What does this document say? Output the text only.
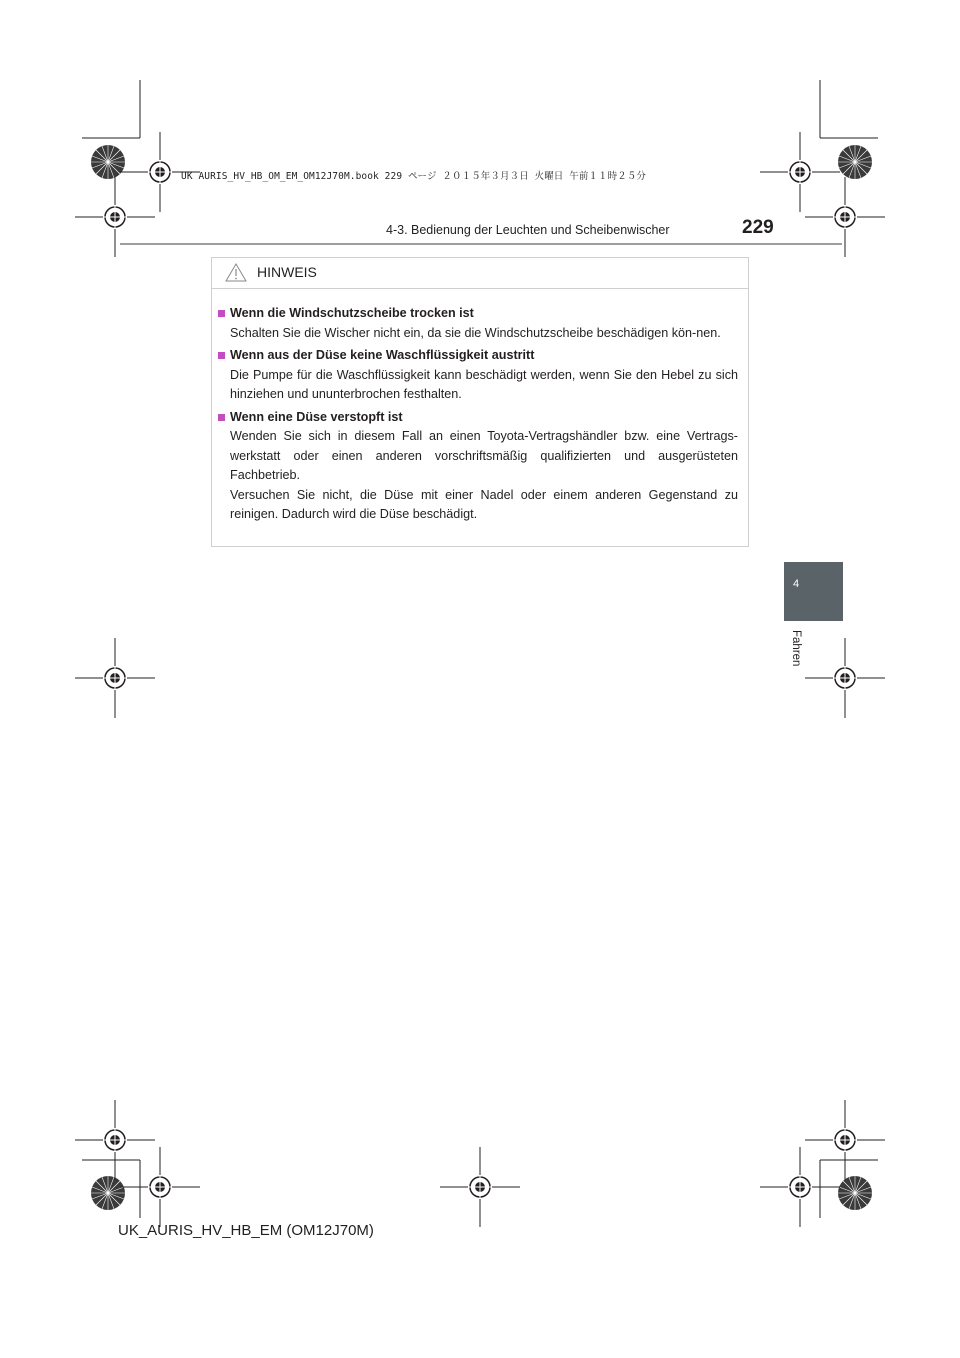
UK AURIS_HV_HB_OM_EM_OM12J70M.book 229 ページ ２０１５年３月３日 火曜日 午前１１時２５分
4-3. Bedienung der Leuchten und Scheibenwischer	229
4
Fahren
HINWEIS
Wenn die Windschutzscheibe trocken ist

Schalten Sie die Wischer nicht ein, da sie die Windschutzscheibe beschädigen kön-nen.

Wenn aus der Düse keine Waschflüssigkeit austritt

Die Pumpe für die Waschflüssigkeit kann beschädigt werden, wenn Sie den Hebel zu sich hinziehen und ununterbrochen festhalten.

Wenn eine Düse verstopft ist

Wenden Sie sich in diesem Fall an einen Toyota-Vertragshändler bzw. eine Vertrags-werkstatt oder einen anderen vorschriftsmäßig qualifizierten und ausgerüsteten Fachbetrieb.

Versuchen Sie nicht, die Düse mit einer Nadel oder einem anderen Gegenstand zu reinigen. Dadurch wird die Düse beschädigt.

UK_AURIS_HV_HB_EM (OM12J70M)
